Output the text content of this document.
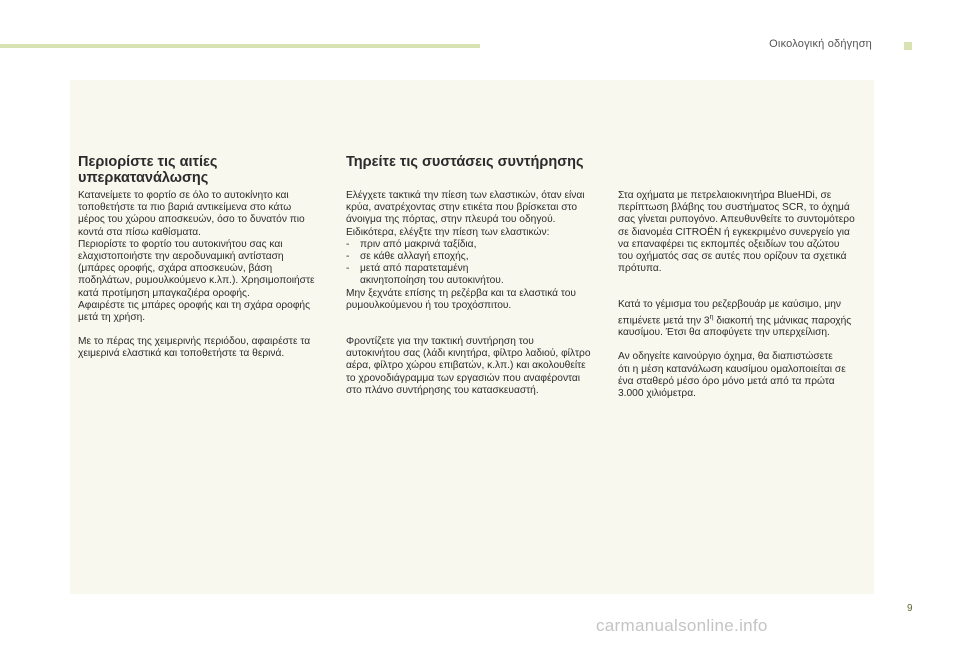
Οικολογική οδήγηση
Περιορίστε τις αιτίες
υπερκατανάλωσης

Κατανείμετε το φορτίο σε όλο το αυτοκίνητο και
τοποθετήστε τα πιο βαριά αντικείμενα στο κάτω
μέρος του χώρου αποσκευών, όσο το δυνατόν πιο
κοντά στα πίσω καθίσματα.

Περιορίστε το φορτίο του αυτοκινήτου σας και
ελαχιστοποιήστε την αεροδυναμική αντίσταση
(μπάρες οροφής, σχάρα αποσκευών, βάση
ποδηλάτων, ρυμουλκούμενο κ.λπ.). Χρησιμοποιήστε
κατά προτίμηση μπαγκαζιέρα οροφής.

Αφαιρέστε τις μπάρες οροφής και τη σχάρα οροφής
μετά τη χρήση.

Με το πέρας της χειμερινής περιόδου, αφαιρέστε τα
χειμερινά ελαστικά και τοποθετήστε τα θερινά.

Τηρείτε τις συστάσεις συντήρησης

Ελέγχετε τακτικά την πίεση των ελαστικών, όταν είναι
κρύα, ανατρέχοντας στην ετικέτα που βρίσκεται στο
άνοιγμα της πόρτας, στην πλευρά του οδηγού.

Ειδικότερα, ελέγξτε την πίεση των ελαστικών:

-	πριν από μακρινά ταξίδια,
-	σε κάθε αλλαγή εποχής,
-	μετά από παρατεταμένη ακινητοποίηση του αυτοκινήτου.

Μην ξεχνάτε επίσης τη ρεζέρβα και τα ελαστικά του
ρυμουλκούμενου ή του τροχόσπιτου.

Φροντίζετε για την τακτική συντήρηση του
αυτοκινήτου σας (λάδι κινητήρα, φίλτρο λαδιού, φίλτρο
αέρα, φίλτρο χώρου επιβατών, κ.λπ.) και ακολουθείτε
το χρονοδιάγραμμα των εργασιών που αναφέρονται
στο πλάνο συντήρησης του κατασκευαστή.

Στα οχήματα με πετρελαιοκινητήρα BlueHDi, σε
περίπτωση βλάβης του συστήματος SCR, το όχημά
σας γίνεται ρυπογόνο. Απευθυνθείτε το συντομότερο
σε διανομέα CITROËN ή εγκεκριμένο συνεργείο για
να επαναφέρει τις εκπομπές οξειδίων του αζώτου
του οχήματός σας σε αυτές που ορίζουν τα σχετικά
πρότυπα.

Κατά το γέμισμα του ρεζερβουάρ με καύσιμο, μην
επιμένετε μετά την $3^\eta$ διακοπή της μάνικας παροχής
καυσίμου. Έτσι θα αποφύγετε την υπερχείλιση.

Αν οδηγείτε καινούργιο όχημα, θα διαπιστώσετε
ότι η μέση κατανάλωση καυσίμου ομαλοποιείται σε
ένα σταθερό μέσο όρο μόνο μετά από τα πρώτα
3.000 χιλιόμετρα.

9
carmanualsonline.info
